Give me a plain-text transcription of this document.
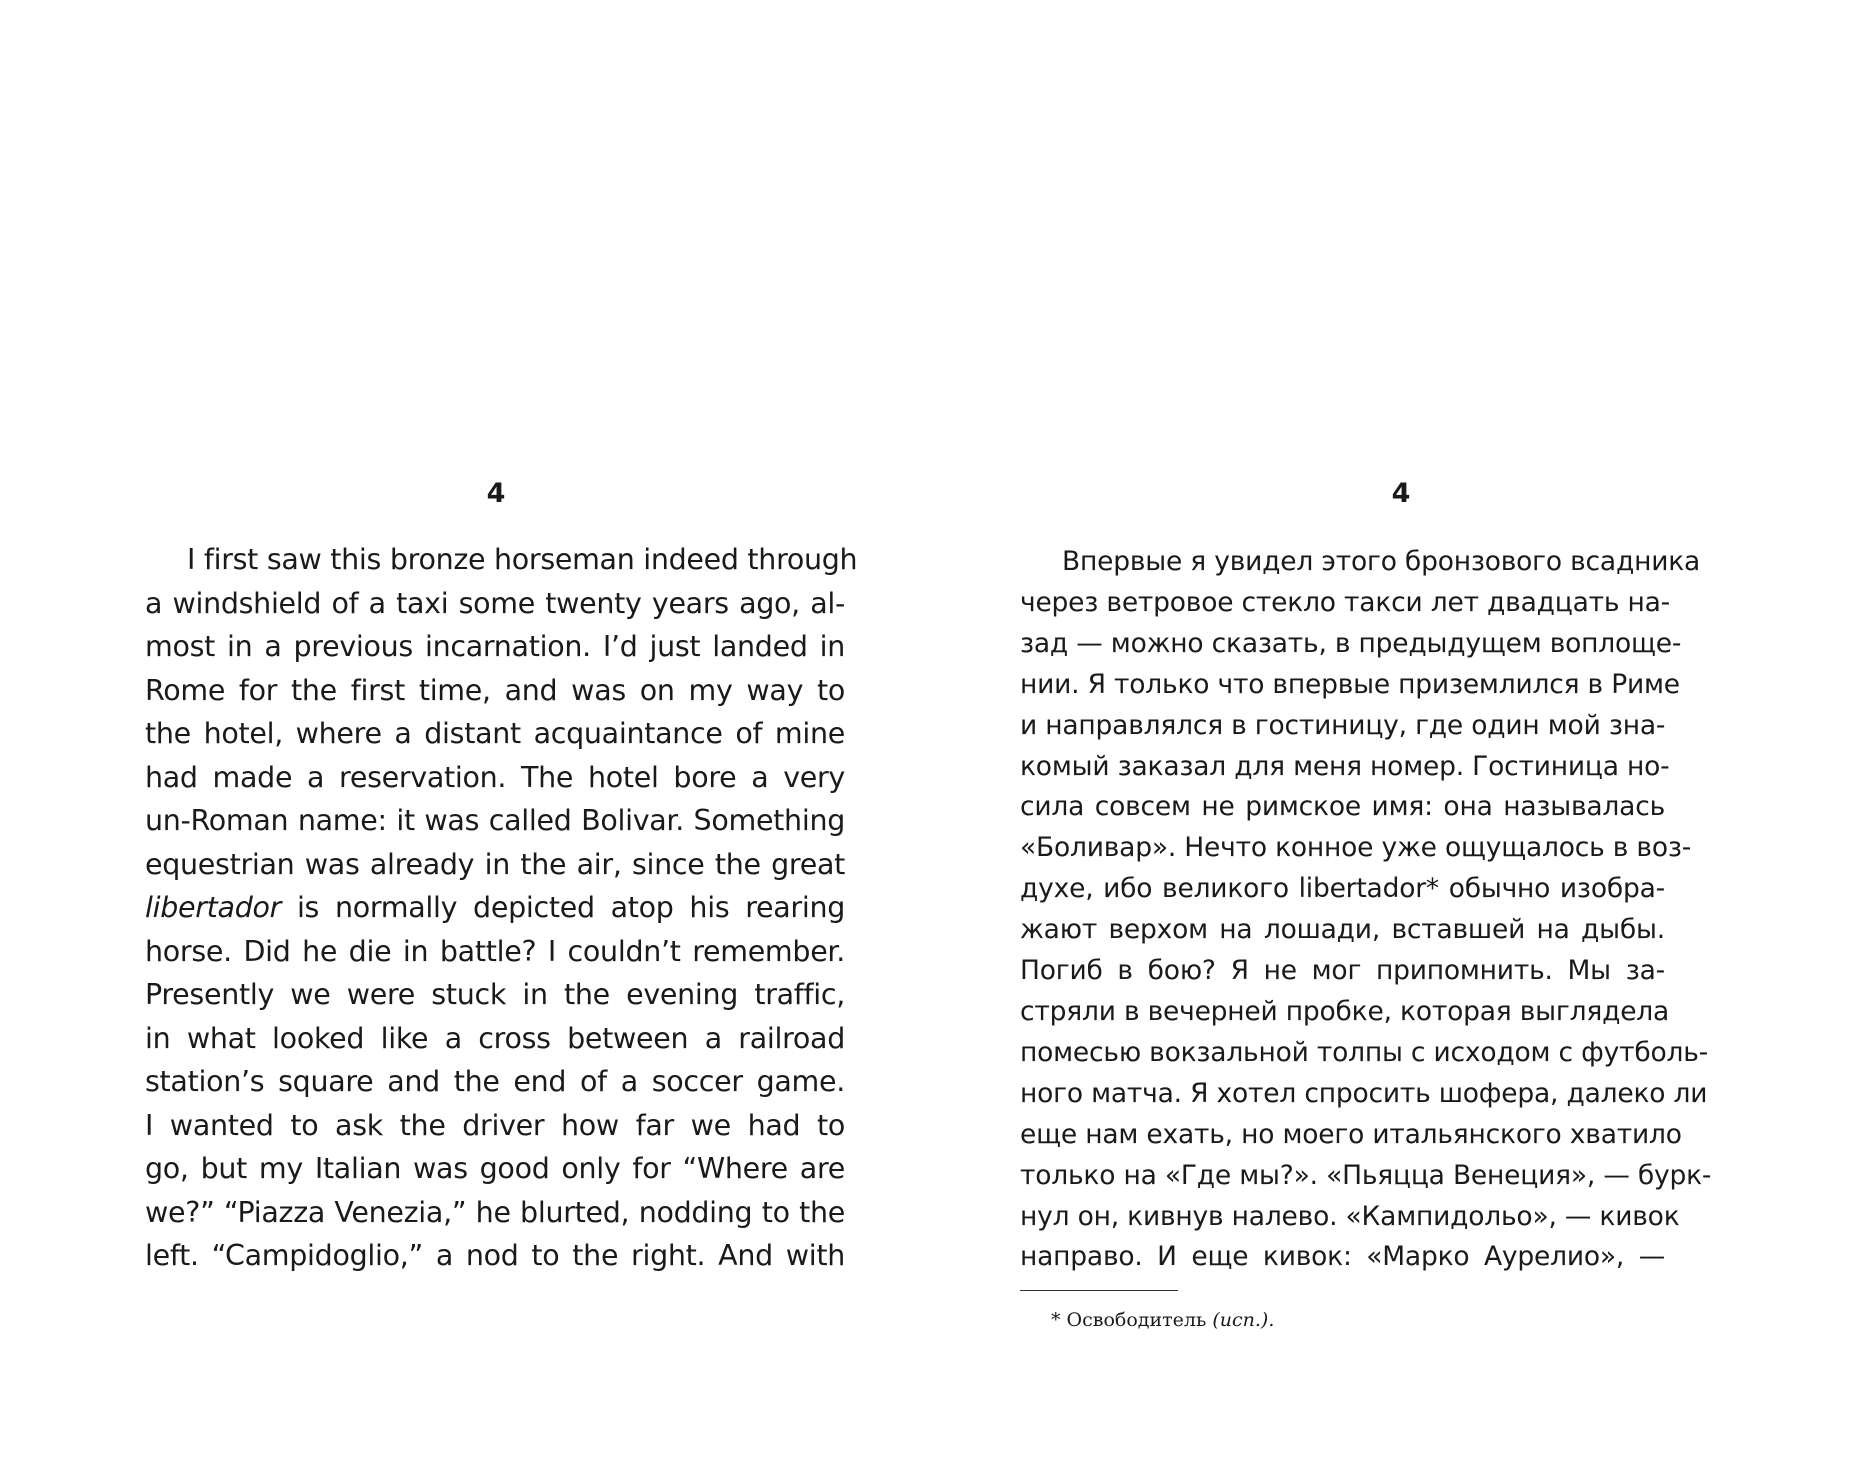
4
I first saw this bronze horseman indeed through
a windshield of a taxi some twenty years ago, al-
most in a previous incarnation. I’d just landed in
Rome for the first time, and was on my way to
the hotel, where a distant acquaintance of mine
had made a reservation. The hotel bore a very
un-Roman name: it was called Bolivar. Something
equestrian was already in the air, since the great
libertador is normally depicted atop his rearing
horse. Did he die in battle? I couldn’t remember.
Presently we were stuck in the evening traffic,
in what looked like a cross between a railroad
station’s square and the end of a soccer game.
I wanted to ask the driver how far we had to
go, but my Italian was good only for “Where are
we?” “Piazza Venezia,” he blurted, nodding to the
left. “Campidoglio,” a nod to the right. And with
4
Впервые я увидел этого бронзового всадника
через ветровое стекло такси лет двадцать на-
зад — можно сказать, в предыдущем воплоще-
нии. Я только что впервые приземлился в Риме
и направлялся в гостиницу, где один мой зна-
комый заказал для меня номер. Гостиница но-
сила совсем не римское имя: она называлась
«Боливар». Нечто конное уже ощущалось в воз-
духе, ибо великого libertador* обычно изобра-
жают верхом на лошади, вставшей на дыбы.
Погиб в бою? Я не мог припомнить. Мы за-
стряли в вечерней пробке, которая выглядела
помесью вокзальной толпы с исходом с футболь-
ного матча. Я хотел спросить шофера, далеко ли
еще нам ехать, но моего итальянского хватило
только на «Где мы?». «Пьяцца Венеция», — бурк-
нул он, кивнув налево. «Кампидольо», — кивок
направо. И еще кивок: «Марко Аурелио», —
* Освободитель (исп.).
